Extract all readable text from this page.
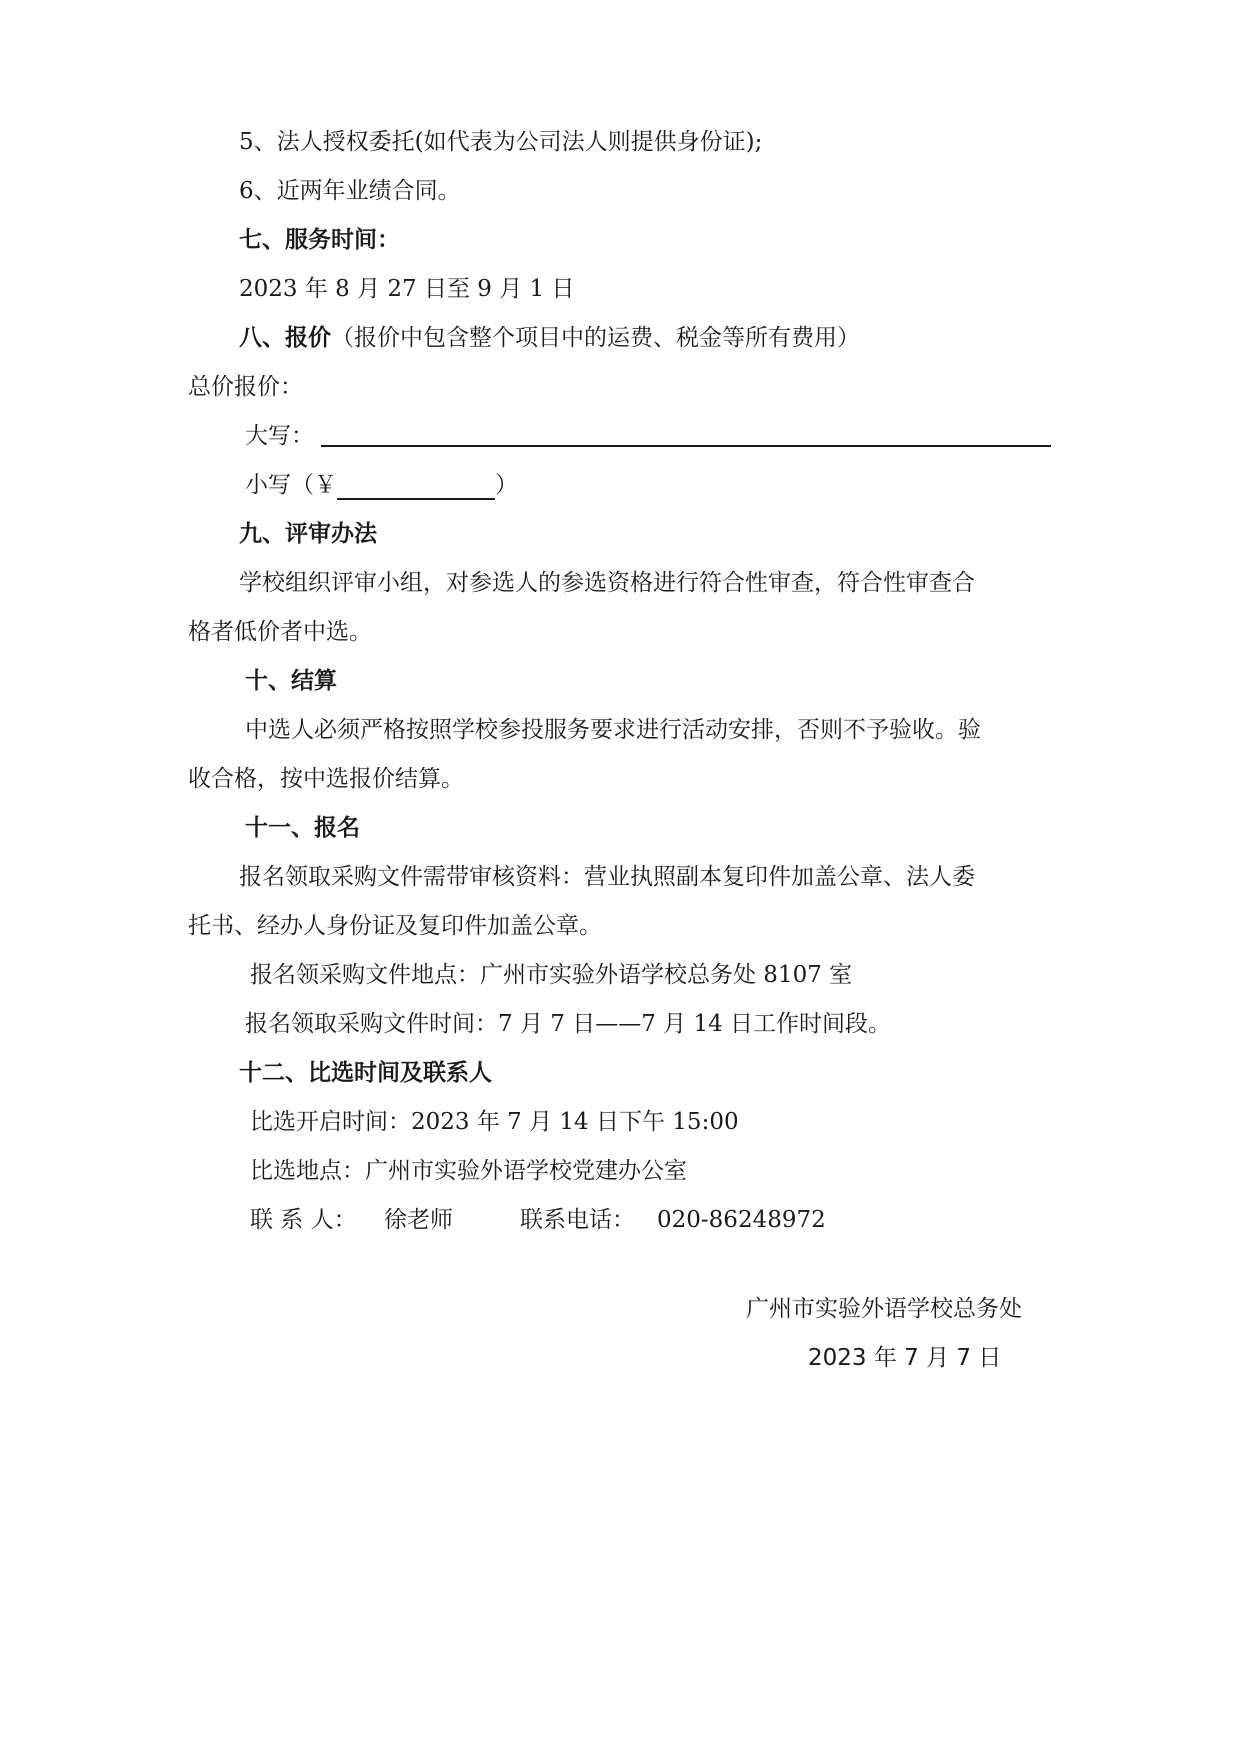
5、法人授权委托(如代表为公司法人则提供身份证);
6、近两年业绩合同。
七、服务时间：
2023 年 8 月 27 日至 9 月 1 日
八、报价（报价中包含整个项目中的运费、税金等所有费用）
总价报价：
大写：
小写（￥	）
九、评审办法
学校组织评审小组，对参选人的参选资格进行符合性审查，符合性审查合
格者低价者中选。
十、结算
中选人必须严格按照学校参投服务要求进行活动安排，否则不予验收。验
收合格，按中选报价结算。
十一、报名
报名领取采购文件需带审核资料：营业执照副本复印件加盖公章、法人委
托书、经办人身份证及复印件加盖公章。
报名领采购文件地点：广州市实验外语学校总务处 8107 室
报名领取采购文件时间：7 月 7 日——7 月 14 日工作时间段。
十二、比选时间及联系人
比选开启时间：2023 年 7 月 14 日下午 15:00
比选地点：广州市实验外语学校党建办公室
联 系 人： 徐老师	联系电话： 020-86248972
广州市实验外语学校总务处
2023 年 7 月 7 日
